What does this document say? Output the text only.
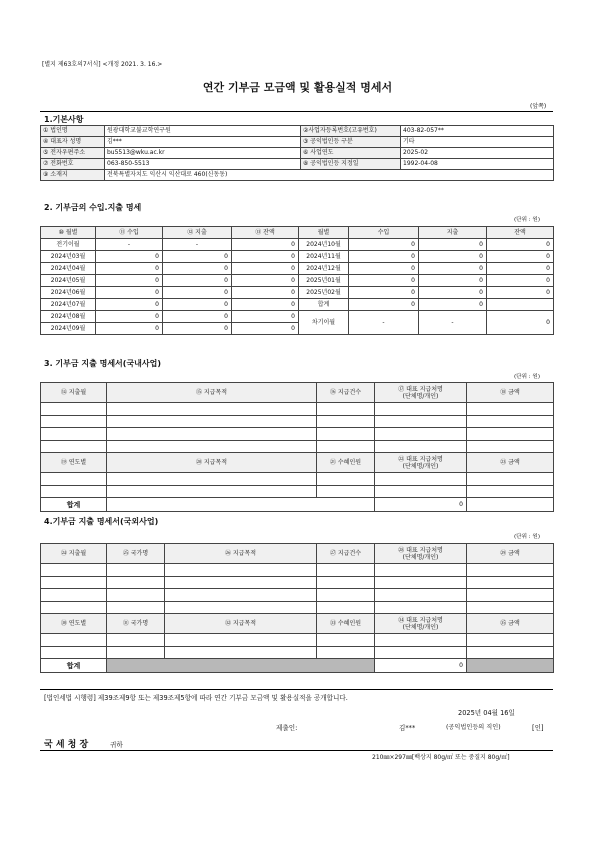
[별지 제63호의7서식] <개정 2021. 3. 16.>
연간 기부금 모금액 및 활용실적 명세서
(앞쪽)
1.기본사항
① 법인명	원광대학교불교학연구원	②사업자등록번호(고유번호)	403-82-057**
④ 대표자 성명	김***	③ 공익법인등 구분	기타
⑤ 전자우편주소	bu5513@wku.ac.kr	⑥ 사업연도	2025-02
⑦ 전화번호	063-850-5513	⑧ 공익법인등 지정일	1992-04-08
⑨ 소재지	전북특별자치도 익산시 익산대로 460(신동동)		
2. 기부금의 수입.지출 명세
(단위 : 원)
⑩ 월별	⑪ 수입	⑫ 지출	⑬ 잔액	월별	수입	지출	잔액
전기이월	-	-	0	2024년10월	0	0	0
2024년03월	0	0	0	2024년11월	0	0	0
2024년04월	0	0	0	2024년12월	0	0	0
2024년05월	0	0	0	2025년01월	0	0	0
2024년06월	0	0	0	2025년02월	0	0	0
2024년07월	0	0	0	합계	0	0	
2024년08월	0	0	0	차기이월	-	-	0
2024년09월	0	0	0				
3. 기부금 지출 명세서(국내사업)
(단위 : 원)
⑭ 지출월	⑮ 지급목적	⑯ 지급건수	⑰ 대표 지급처명
(단체명/개인)	⑱ 금액	

⑲ 연도별	⑳ 지급목적	㉑ 수혜인원	㉒ 대표 지급처명
(단체명/개인)	㉓ 금액	

합계			0		
4.기부금 지출 명세서(국외사업)
(단위 : 원)
㉔ 지출월	㉕ 국가명	㉖ 지급목적	㉗ 지급건수	㉘ 대표 지급처명
(단체명/개인)	㉙ 금액	

㉚ 연도별	㉛ 국가명	㉜ 지급목적	㉝ 수혜인원	㉞ 대표 지급처명
(단체명/개인)	㉟ 금액	

합계				0		
[법인세법 시행령] 제39조제9항 또는 제39조제5항에 따라 연간 기부금 모금액 및 활용실적을 공개합니다.
2025년 04월 16일
제출인:	김***	(공익법인등의 직인)	[인]
국 세 청 장	귀하
210㎜×297㎜[백상지 80g/㎡ 또는 중질지 80g/㎡]
